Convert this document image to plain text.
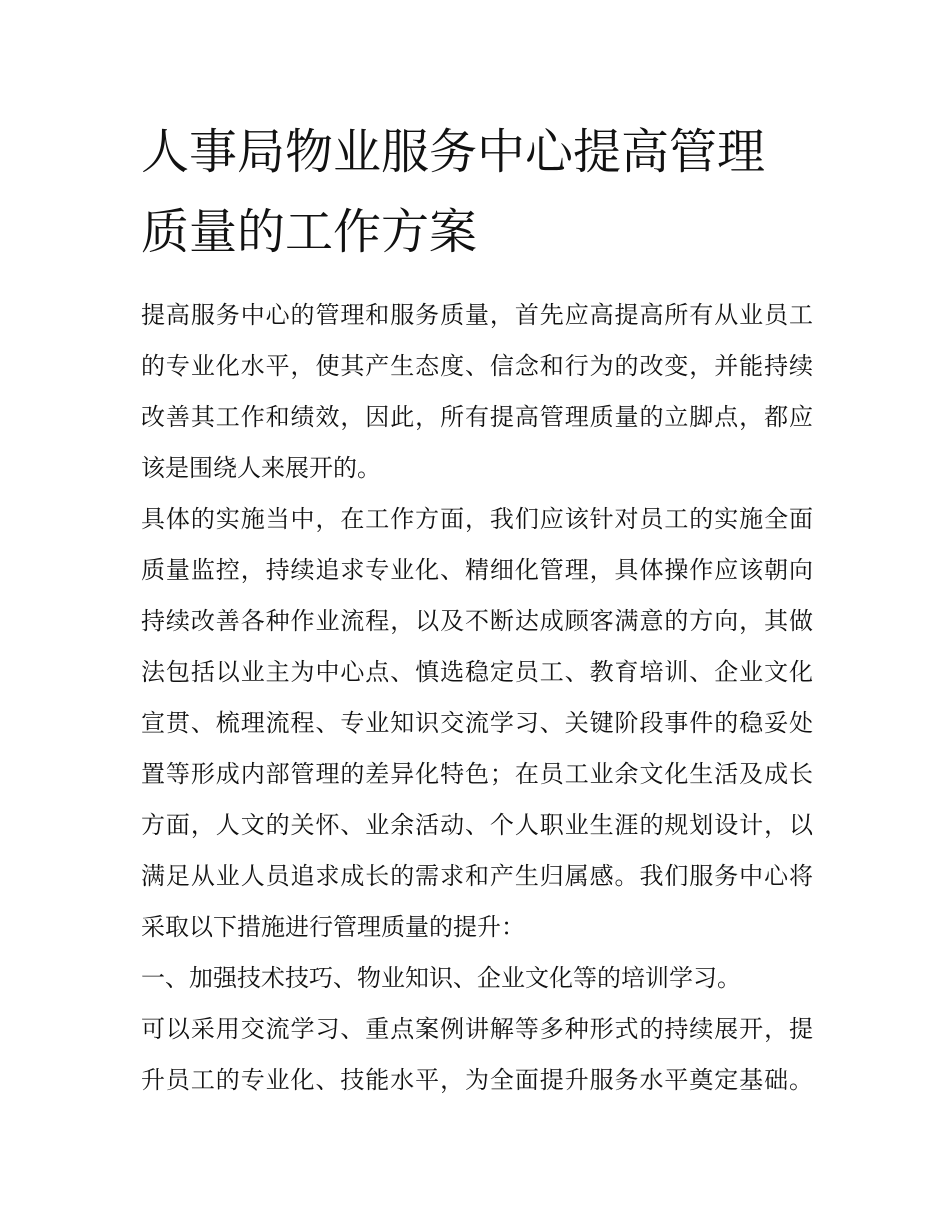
人事局物业服务中心提高管理
质量的工作方案

提高服务中心的管理和服务质量，首先应高提高所有从业员工
的专业化水平，使其产生态度、信念和行为的改变，并能持续
改善其工作和绩效，因此，所有提高管理质量的立脚点，都应
该是围绕人来展开的。

具体的实施当中，在工作方面，我们应该针对员工的实施全面
质量监控，持续追求专业化、精细化管理，具体操作应该朝向
持续改善各种作业流程，以及不断达成顾客满意的方向，其做
法包括以业主为中心点、慎选稳定员工、教育培训、企业文化
宣贯、梳理流程、专业知识交流学习、关键阶段事件的稳妥处
置等形成内部管理的差异化特色；在员工业余文化生活及成长
方面，人文的关怀、业余活动、个人职业生涯的规划设计，以
满足从业人员追求成长的需求和产生归属感。我们服务中心将
采取以下措施进行管理质量的提升：

一、加强技术技巧、物业知识、企业文化等的培训学习。

可以采用交流学习、重点案例讲解等多种形式的持续展开，提
升员工的专业化、技能水平，为全面提升服务水平奠定基础。
